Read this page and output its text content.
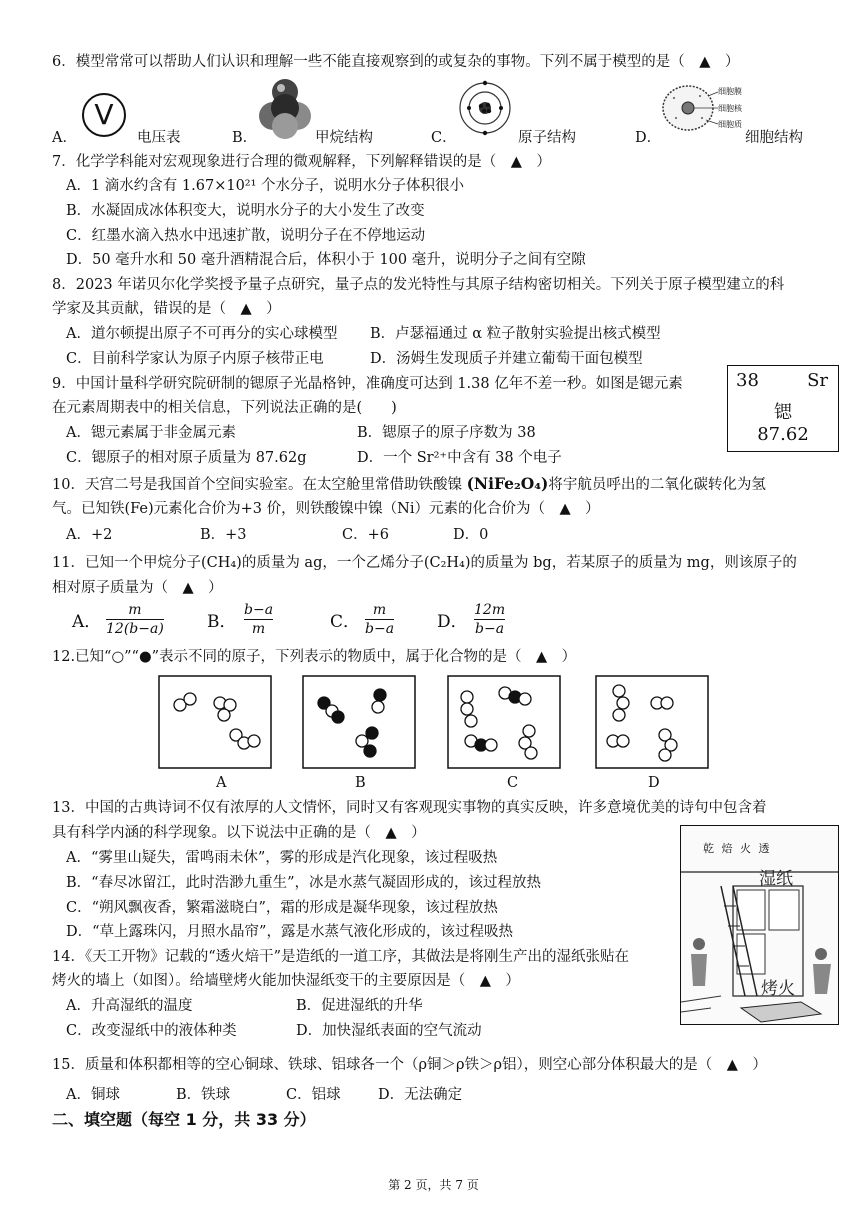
6．模型常常可以帮助人们认识和理解一些不能直接观察到的或复杂的事物。下列不属于模型的是（　▲　）
A．
V
电压表	B．	甲烷结构	C．	原子结构	D．
细胞膜
细胞核
细胞质
细胞结构
7．化学学科能对宏观现象进行合理的微观解释，下列解释错误的是（　▲　）
A．1 滴水约含有 1.67×10²¹ 个水分子，说明水分子体积很小
B．水凝固成冰体积变大，说明水分子的大小发生了改变
C．红墨水滴入热水中迅速扩散，说明分子在不停地运动
D．50 毫升水和 50 毫升酒精混合后，体积小于 100 毫升，说明分子之间有空隙
8．2023 年诺贝尔化学奖授予量子点研究，量子点的发光特性与其原子结构密切相关。下列关于原子模型建立的科
学家及其贡献，错误的是（　▲　）
A．道尔顿提出原子不可再分的实心球模型 B．卢瑟福通过 α 粒子散射实验提出核式模型
C．目前科学家认为原子内原子核带正电	D．汤姆生发现质子并建立葡萄干面包模型
9．中国计量科学研究院研制的锶原子光晶格钟，准确度可达到 1.38 亿年不差一秒。如图是锶元素
在元素周期表中的相关信息，下列说法正确的是(　　)
A．锶元素属于非金属元素	B．锶原子的原子序数为 38
C．锶原子的相对原子质量为 87.62g	D．一个 Sr²⁺中含有 38 个电子
38	Sr
锶
87.62
10．天宫二号是我国首个空间实验室。在太空舱里常借助铁酸镍 (NiFe₂O₄)将宇航员呼出的二氧化碳转化为氢
气。已知铁(Fe)元素化合价为+3 价，则铁酸镍中镍（Ni）元素的化合价为（　▲　）
A．+2	B．+3	C．+6	D．0
11．已知一个甲烷分子(CH₄)的质量为 ag，一个乙烯分子(C₂H₄)的质量为 bg，若某原子的质量为 mg，则该原子的
相对原子质量为（　▲　）
A．
m
12(b−a)	B．
b−a
m	C．
m
b−a	D．
12m
b−a
12.已知“○”“●”表示不同的原子，下列表示的物质中，属于化合物的是（　▲　）
A	B	C	D
13．中国的古典诗词不仅有浓厚的人文情怀，同时又有客观现实事物的真实反映，许多意境优美的诗句中包含着
具有科学内涵的科学现象。以下说法中正确的是（　▲　）
A．“雾里山疑失，雷鸣雨未休”，雾的形成是汽化现象，该过程吸热
B．“春尽冰留江，此时浩渺九重生”，冰是水蒸气凝固形成的，该过程放热
C．“朔风飘夜香，繁霜滋晓白”，霜的形成是凝华现象，该过程放热
D．“草上露珠闪，月照水晶帘”，露是水蒸气液化形成的，该过程吸热
乾 焙 火 透
湿纸
烤火
14．《天工开物》记载的“透火焙干”是造纸的一道工序，其做法是将刚生产出的湿纸张贴在
烤火的墙上（如图）。给墙壁烤火能加快湿纸变干的主要原因是（　▲　）
A．升高湿纸的温度	B．促进湿纸的升华
C．改变湿纸中的液体种类	D．加快湿纸表面的空气流动
15．质量和体积都相等的空心铜球、铁球、铝球各一个（ρ铜＞ρ铁＞ρ铝），则空心部分体积最大的是（　▲　）
A．铜球	B．铁球	C．铝球	D．无法确定
二、填空题（每空 1 分，共 33 分）
第 2 页，共 7 页
